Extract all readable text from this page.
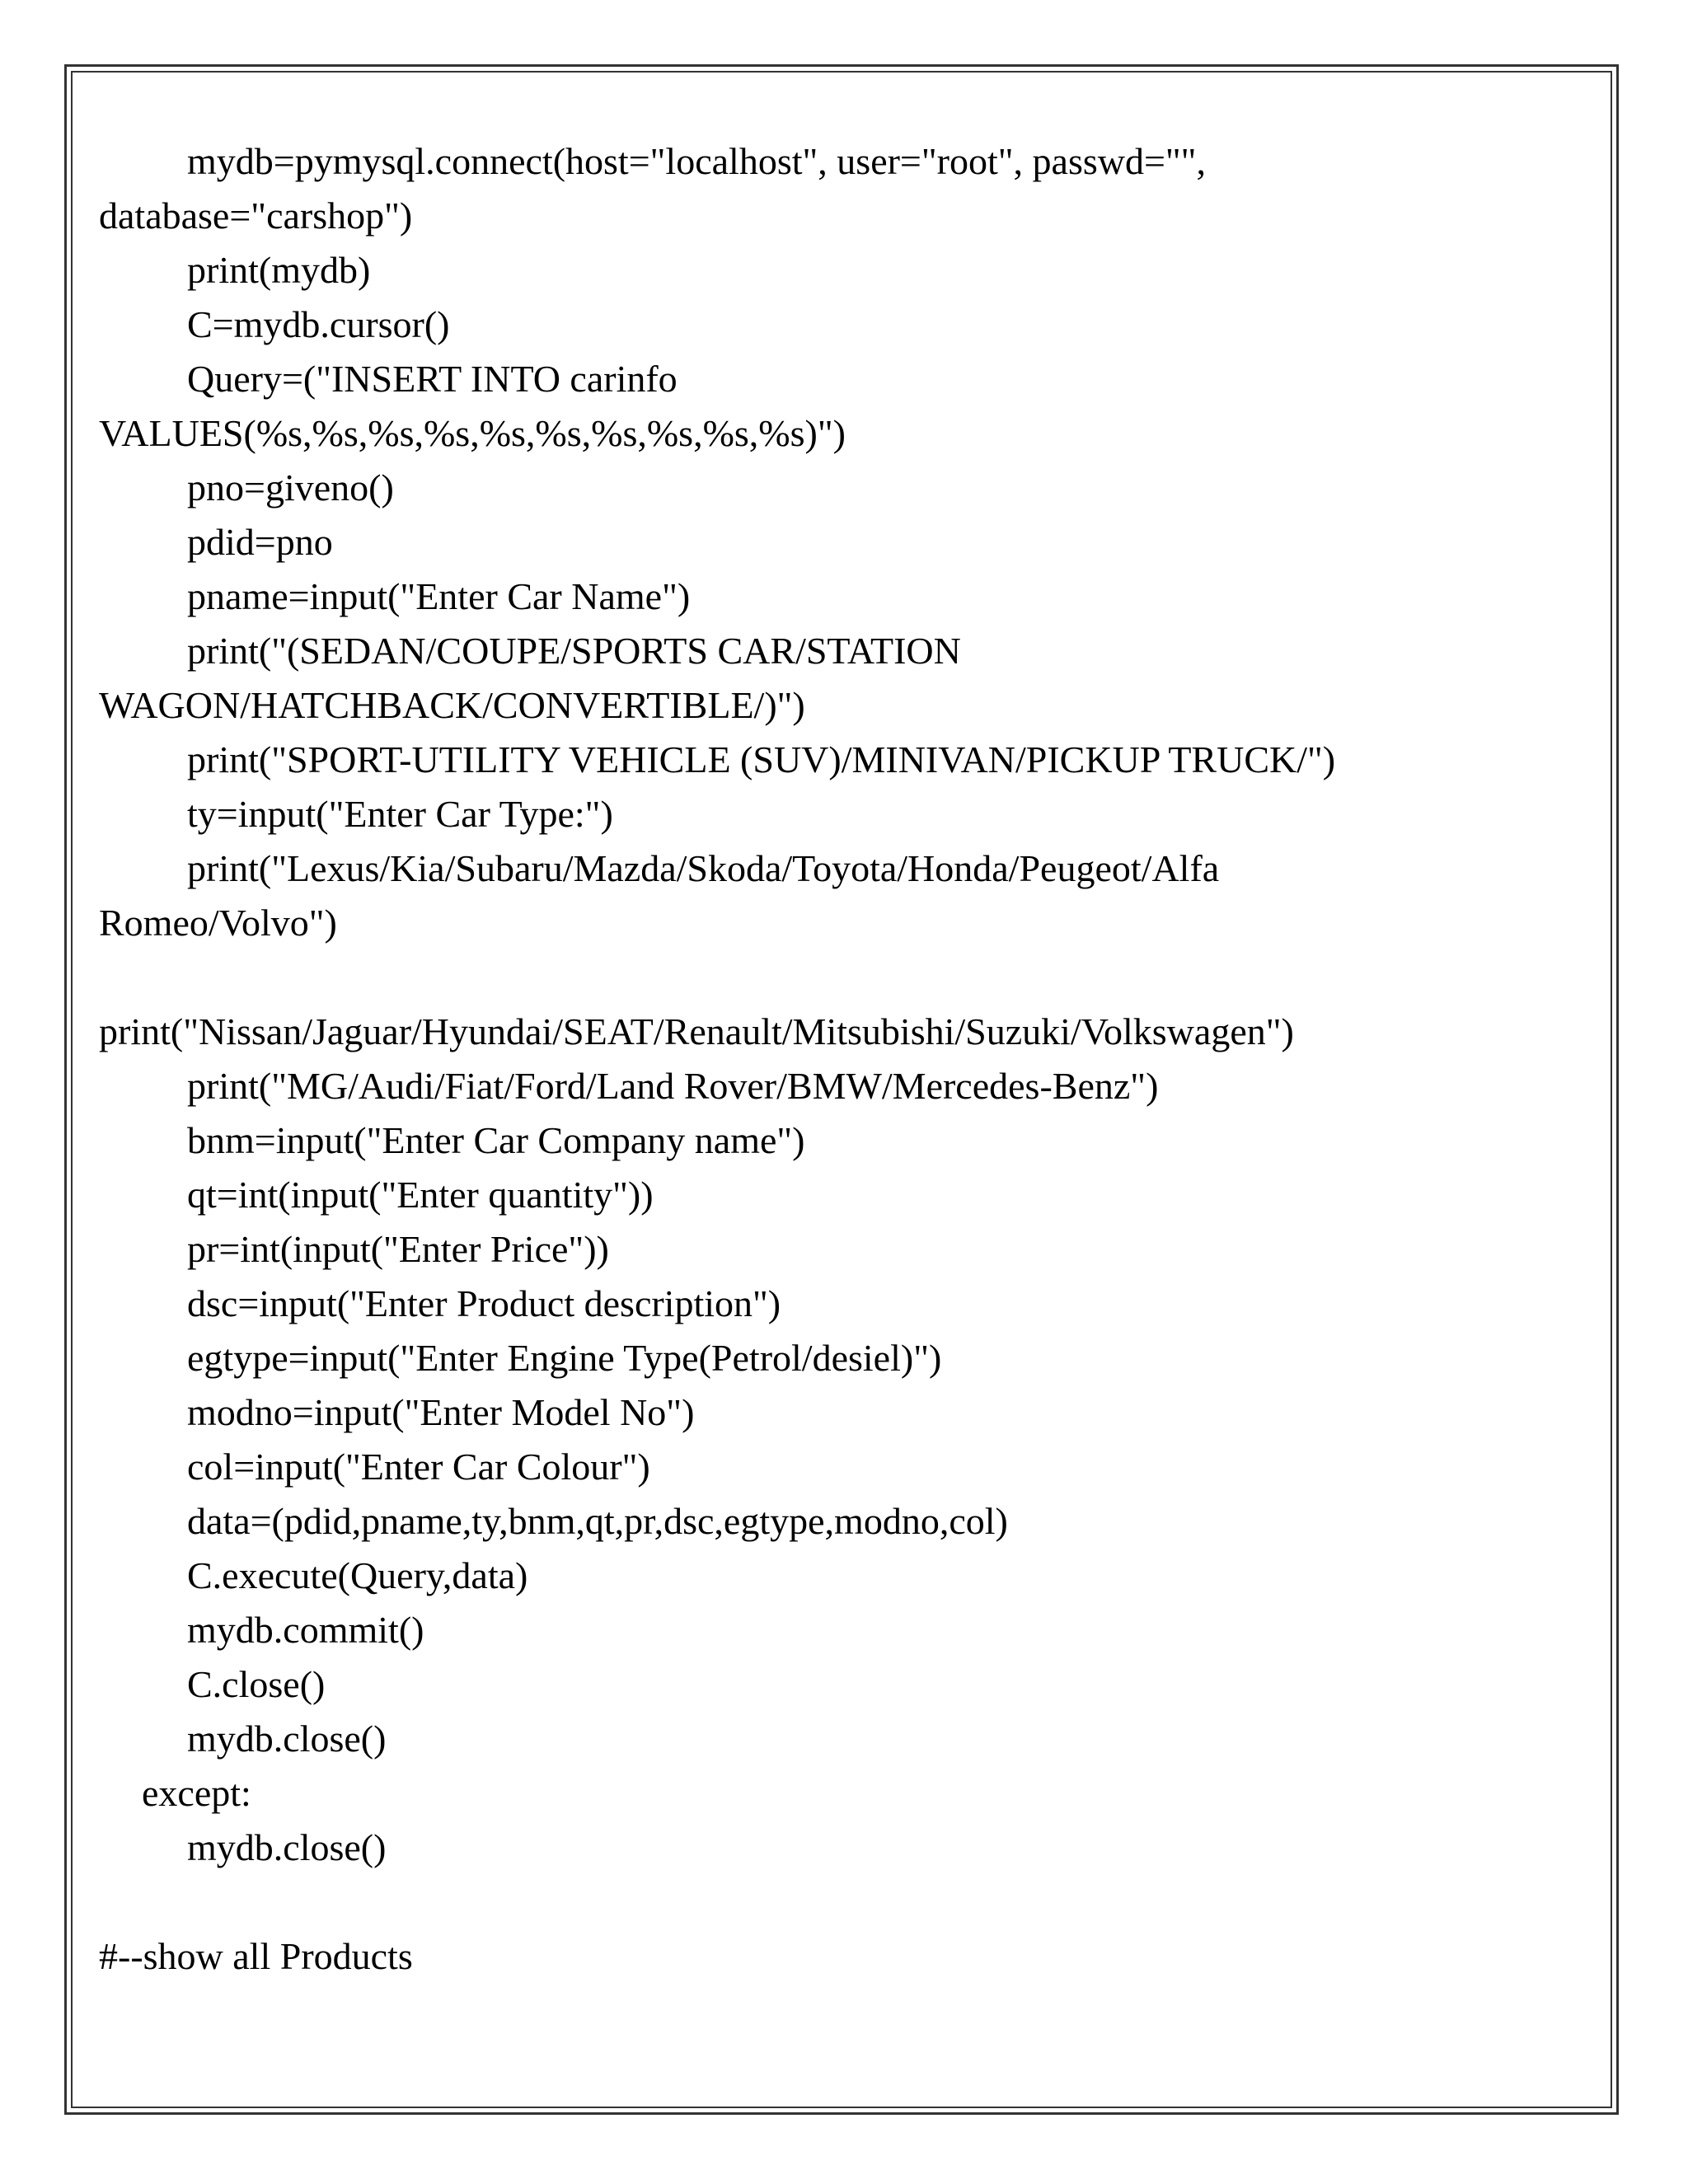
mydb=pymysql.connect(host="localhost", user="root", passwd="",
database="carshop")
print(mydb)
C=mydb.cursor()
Query=("INSERT INTO carinfo
VALUES(%s,%s,%s,%s,%s,%s,%s,%s,%s,%s)")
pno=giveno()
pdid=pno
pname=input("Enter Car Name")
print("(SEDAN/COUPE/SPORTS CAR/STATION
WAGON/HATCHBACK/CONVERTIBLE/)")
print("SPORT-UTILITY VEHICLE (SUV)/MINIVAN/PICKUP TRUCK/")
ty=input("Enter Car Type:")
print("Lexus/Kia/Subaru/Mazda/Skoda/Toyota/Honda/Peugeot/Alfa
Romeo/Volvo")
print("Nissan/Jaguar/Hyundai/SEAT/Renault/Mitsubishi/Suzuki/Volkswagen")
print("MG/Audi/Fiat/Ford/Land Rover/BMW/Mercedes-Benz")
bnm=input("Enter Car Company name")
qt=int(input("Enter quantity"))
pr=int(input("Enter Price"))
dsc=input("Enter Product description")
egtype=input("Enter Engine Type(Petrol/desiel)")
modno=input("Enter Model No")
col=input("Enter Car Colour")
data=(pdid,pname,ty,bnm,qt,pr,dsc,egtype,modno,col)
C.execute(Query,data)
mydb.commit()
C.close()
mydb.close()
except:
mydb.close()
#--show all Products
